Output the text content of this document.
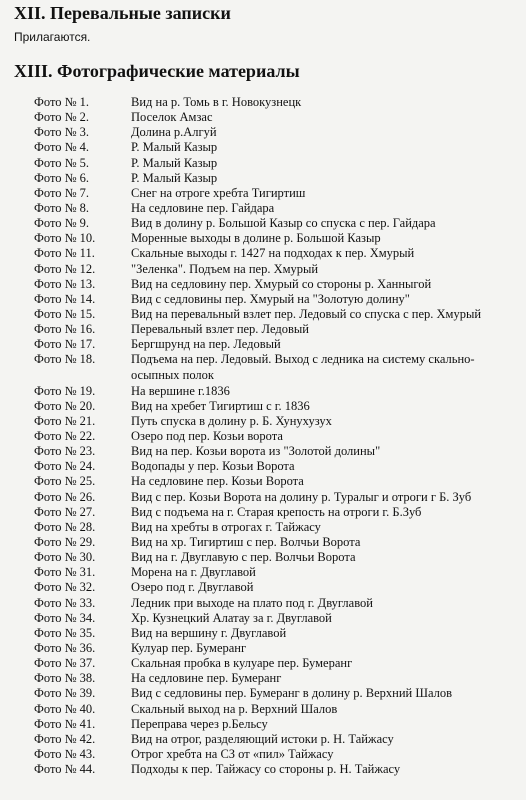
XII. Перевальные записки
Прилагаются.
XIII. Фотографические материалы
Фото № 1.	Вид на р. Томь в г. Новокузнецк
Фото № 2.	Поселок Амзас
Фото № 3.	Долина р.Алгуй
Фото № 4.	Р. Малый Казыр
Фото № 5.	Р. Малый Казыр
Фото № 6.	Р. Малый Казыр
Фото № 7.	Снег на отроге хребта Тигиртиш
Фото № 8.	На седловине пер. Гайдара
Фото № 9.	Вид в долину р. Большой Казыр со спуска с пер. Гайдара
Фото № 10.	Моренные выходы в долине р. Большой Казыр
Фото № 11.	Скальные выходы г. 1427 на подходах к пер. Хмурый
Фото № 12.	"Зеленка". Подъем на пер. Хмурый
Фото № 13.	Вид на седловину пер. Хмурый со стороны р. Ханныгой
Фото № 14.	Вид с седловины пер. Хмурый на "Золотую долину"
Фото № 15.	Вид на перевальный взлет пер. Ледовый со спуска с пер. Хмурый
Фото № 16.	Перевальный взлет пер. Ледовый
Фото № 17.	Бергшрунд на пер. Ледовый
Фото № 18.	Подъема на пер. Ледовый. Выход с ледника на систему скально-осыпных полок
Фото № 19.	На вершине г.1836
Фото № 20.	Вид на хребет Тигиртиш с г. 1836
Фото № 21.	Путь спуска в долину р. Б. Хунухузух
Фото № 22.	Озеро под пер. Козьи ворота
Фото № 23.	Вид на пер. Козьи ворота из "Золотой долины"
Фото № 24.	Водопады у пер. Козьи Ворота
Фото № 25.	На седловине пер. Козьи Ворота
Фото № 26.	Вид с пер. Козьи Ворота на долину р. Туралыг и отроги г Б. Зуб
Фото № 27.	Вид с подъема на г. Старая крепость на отроги г. Б.Зуб
Фото № 28.	Вид на хребты в отрогах г. Тайжасу
Фото № 29.	Вид на хр. Тигиртиш с пер. Волчьи Ворота
Фото № 30.	Вид на г. Двуглавую с пер. Волчьи Ворота
Фото № 31.	Морена на г. Двуглавой
Фото № 32.	Озеро под г. Двуглавой
Фото № 33.	Ледник при выходе на плато под г. Двуглавой
Фото № 34.	Хр. Кузнецкий Алатау за г. Двуглавой
Фото № 35.	Вид на вершину г. Двуглавой
Фото № 36.	Кулуар пер. Бумеранг
Фото № 37.	Скальная пробка в кулуаре пер. Бумеранг
Фото № 38.	На седловине пер. Бумеранг
Фото № 39.	Вид с седловины пер. Бумеранг в долину р. Верхний Шалов
Фото № 40.	Скальный выход на р. Верхний Шалов
Фото № 41.	Переправа через р.Бельсу
Фото № 42.	Вид на отрог, разделяющий истоки р. Н. Тайжасу
Фото № 43.	Отрог хребта на СЗ от «пил» Тайжасу
Фото № 44.	Подходы к пер. Тайжасу со стороны р. Н. Тайжасу
